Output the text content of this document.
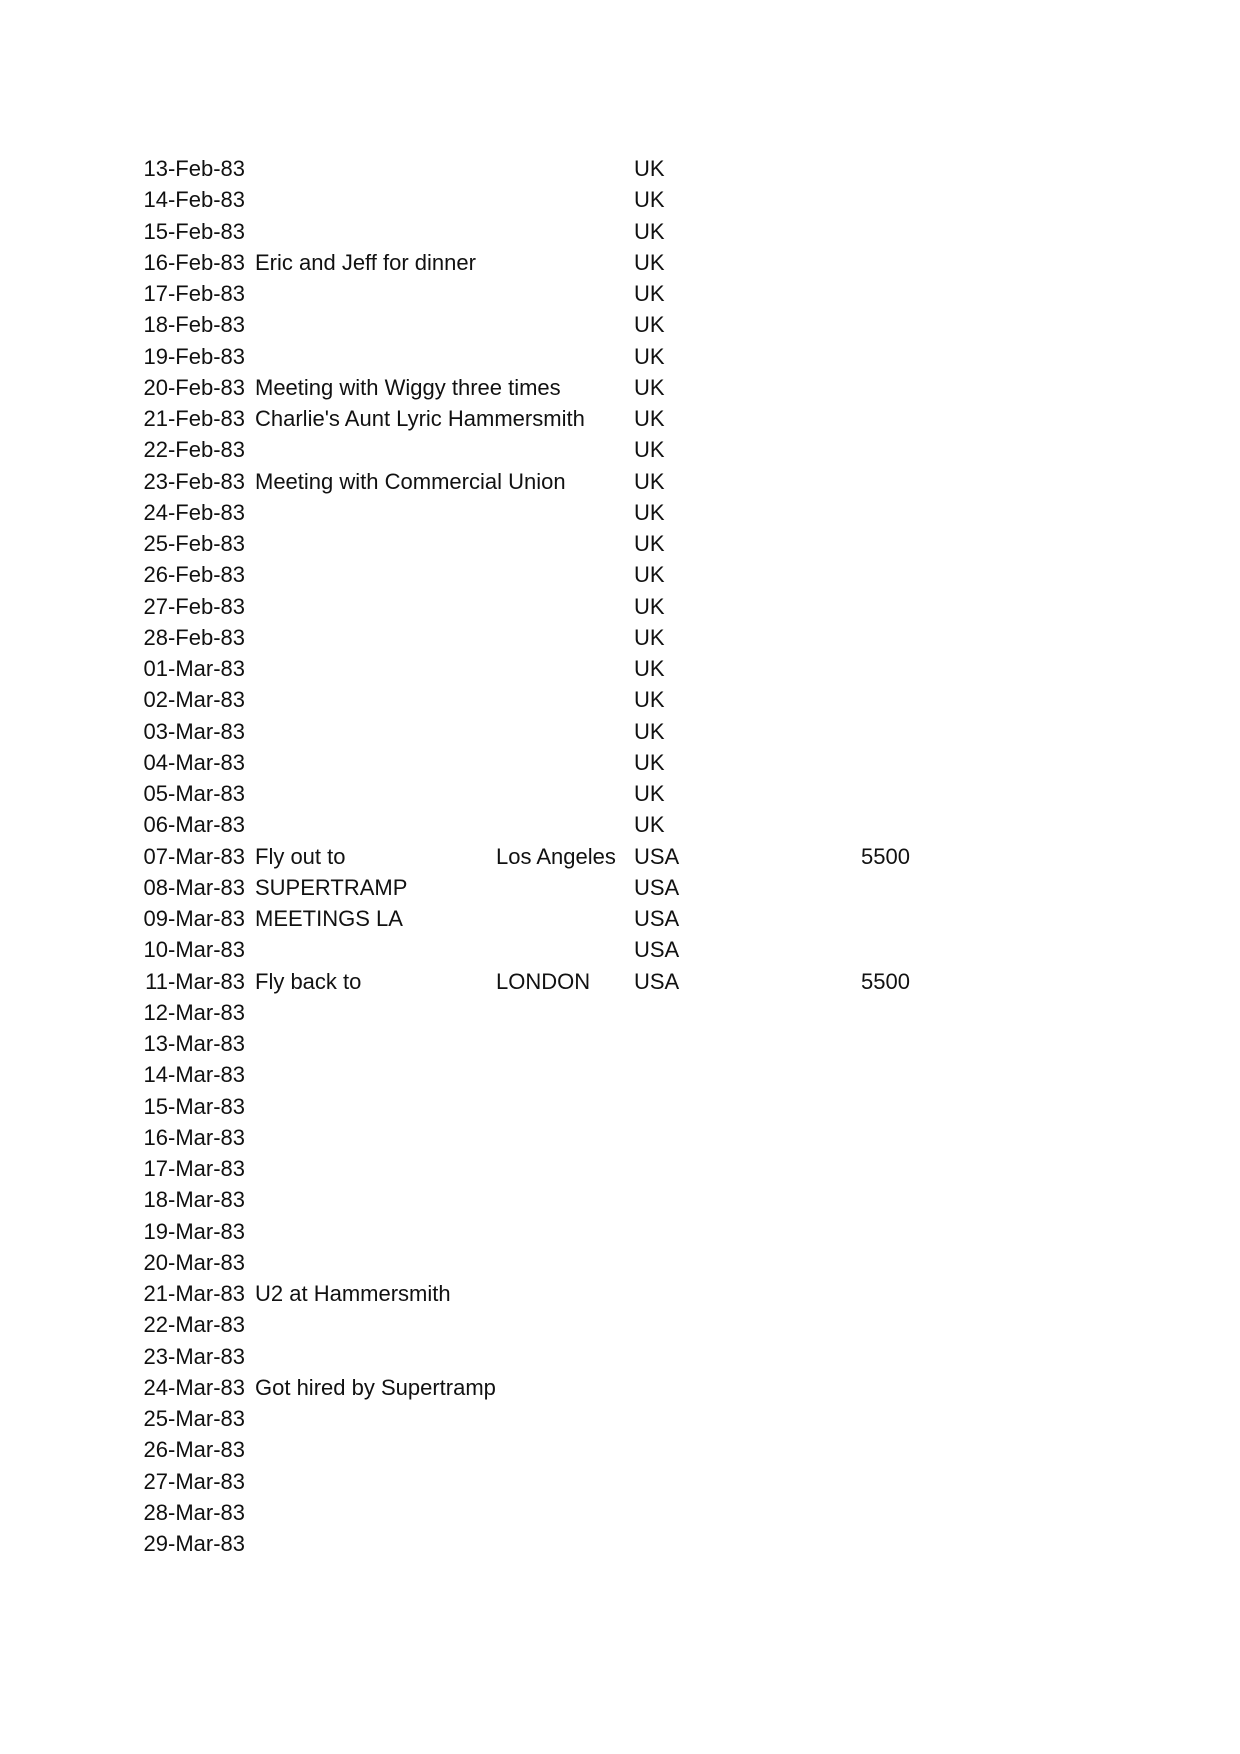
13-Feb-83	UK
14-Feb-83	UK
15-Feb-83	UK
16-Feb-83 Eric and Jeff for dinner	UK
17-Feb-83	UK
18-Feb-83	UK
19-Feb-83	UK
20-Feb-83 Meeting with Wiggy three times	UK
21-Feb-83 Charlie's Aunt Lyric Hammersmith UK
22-Feb-83	UK
23-Feb-83 Meeting with Commercial Union	UK
24-Feb-83	UK
25-Feb-83	UK
26-Feb-83	UK
27-Feb-83	UK
28-Feb-83	UK
01-Mar-83	UK
02-Mar-83	UK
03-Mar-83	UK
04-Mar-83	UK
05-Mar-83	UK
06-Mar-83	UK
07-Mar-83 Fly out to	Los Angeles USA	5500
08-Mar-83 SUPERTRAMP	USA
09-Mar-83 MEETINGS LA	USA
10-Mar-83	USA
11-Mar-83 Fly back to	LONDON USA	5500
12-Mar-83
13-Mar-83
14-Mar-83
15-Mar-83
16-Mar-83
17-Mar-83
18-Mar-83
19-Mar-83
20-Mar-83
21-Mar-83 U2 at Hammersmith
22-Mar-83
23-Mar-83
24-Mar-83 Got hired by Supertramp
25-Mar-83
26-Mar-83
27-Mar-83
28-Mar-83
29-Mar-83
